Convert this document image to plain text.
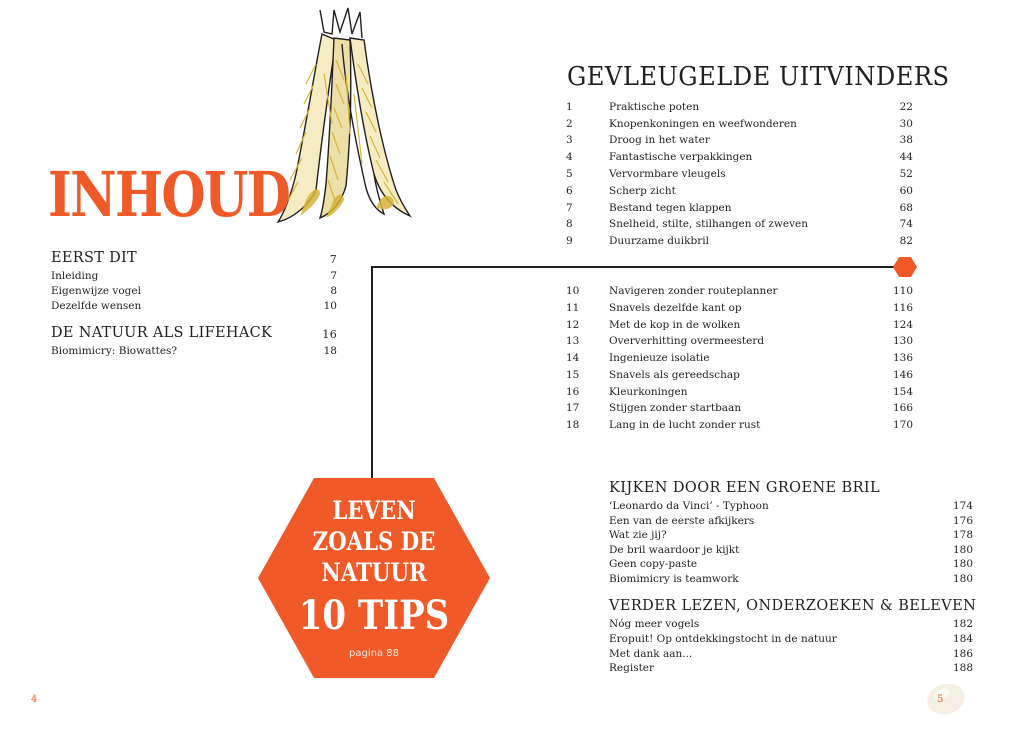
INHOUD
EERST DIT	7
Inleiding	7
Eigenwijze vogel	8
Dezelfde wensen	10
DE NATUUR ALS LIFEHACK	16
Biomimicry: Biowattes?	18
LEVEN
ZOALS DE
NATUUR
10 TIPS
pagina 88
GEVLEUGELDE UITVINDERS
1	Praktische poten	22
2	Knopenkoningen en weefwonderen	30
3	Droog in het water	38
4	Fantastische verpakkingen	44
5	Vervormbare vleugels	52
6	Scherp zicht	60
7	Bestand tegen klappen	68
8	Snelheid, stilte, stilhangen of zweven	74
9	Duurzame duikbril	82
10	Navigeren zonder routeplanner	110
11	Snavels dezelfde kant op	116
12	Met de kop in de wolken	124
13	Oververhitting overmeesterd	130
14	Ingenieuze isolatie	136
15	Snavels als gereedschap	146
16	Kleurkoningen	154
17	Stijgen zonder startbaan	166
18	Lang in de lucht zonder rust	170
KIJKEN DOOR EEN GROENE BRIL
‘Leonardo da Vinci’ - Typhoon	174
Een van de eerste afkijkers	176
Wat zie jij?	178
De bril waardoor je kijkt	180
Geen copy-paste	180
Biomimicry is teamwork	180
VERDER LEZEN, ONDERZOEKEN & BELEVEN
Nóg meer vogels	182
Eropuit! Op ontdekkingstocht in de natuur	184
Met dank aan...	186
Register	188
4	5
